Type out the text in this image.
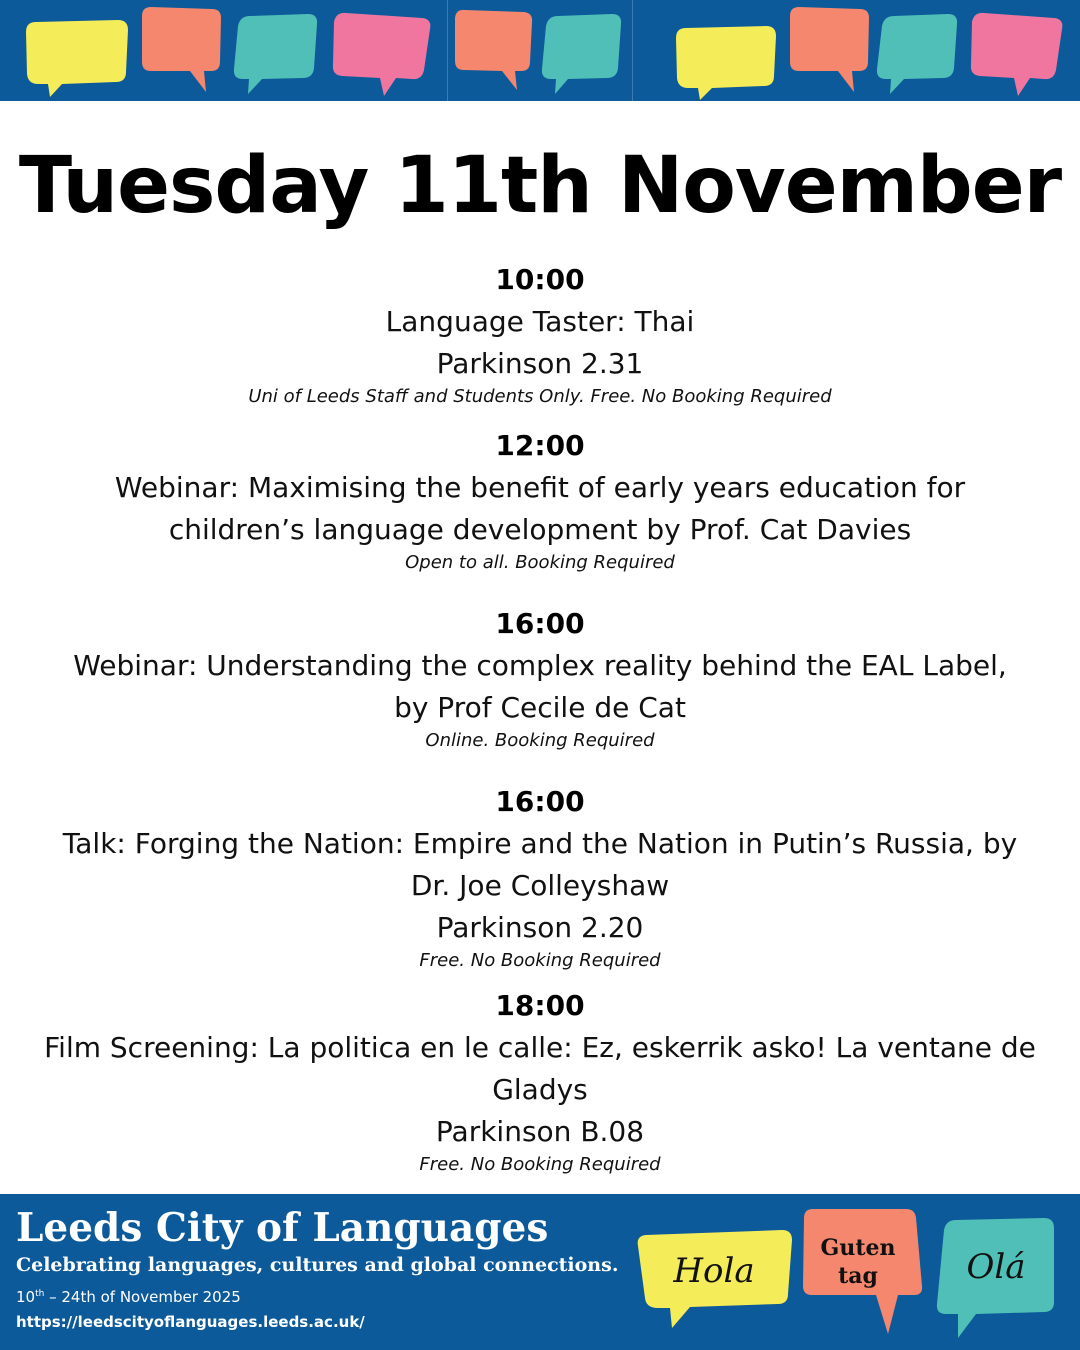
Tuesday 11th November
10:00
Language Taster: Thai
Parkinson 2.31
Uni of Leeds Staff and Students Only. Free. No Booking Required
12:00
Webinar: Maximising the benefit of early years education for
children’s language development by Prof. Cat Davies
Open to all. Booking Required
16:00
Webinar: Understanding the complex reality behind the EAL Label,
by Prof Cecile de Cat
Online. Booking Required
16:00
Talk: Forging the Nation: Empire and the Nation in Putin’s Russia, by
Dr. Joe Colleyshaw
Parkinson 2.20
Free. No Booking Required
18:00
Film Screening: La politica en le calle: Ez, eskerrik asko! La ventane de
Gladys
Parkinson B.08
Free. No Booking Required
Leeds City of Languages
Celebrating languages, cultures and global connections.
10th – 24th of November 2025
https://leedscityoflanguages.leeds.ac.uk/
Hola
Guten
tag	Olá
